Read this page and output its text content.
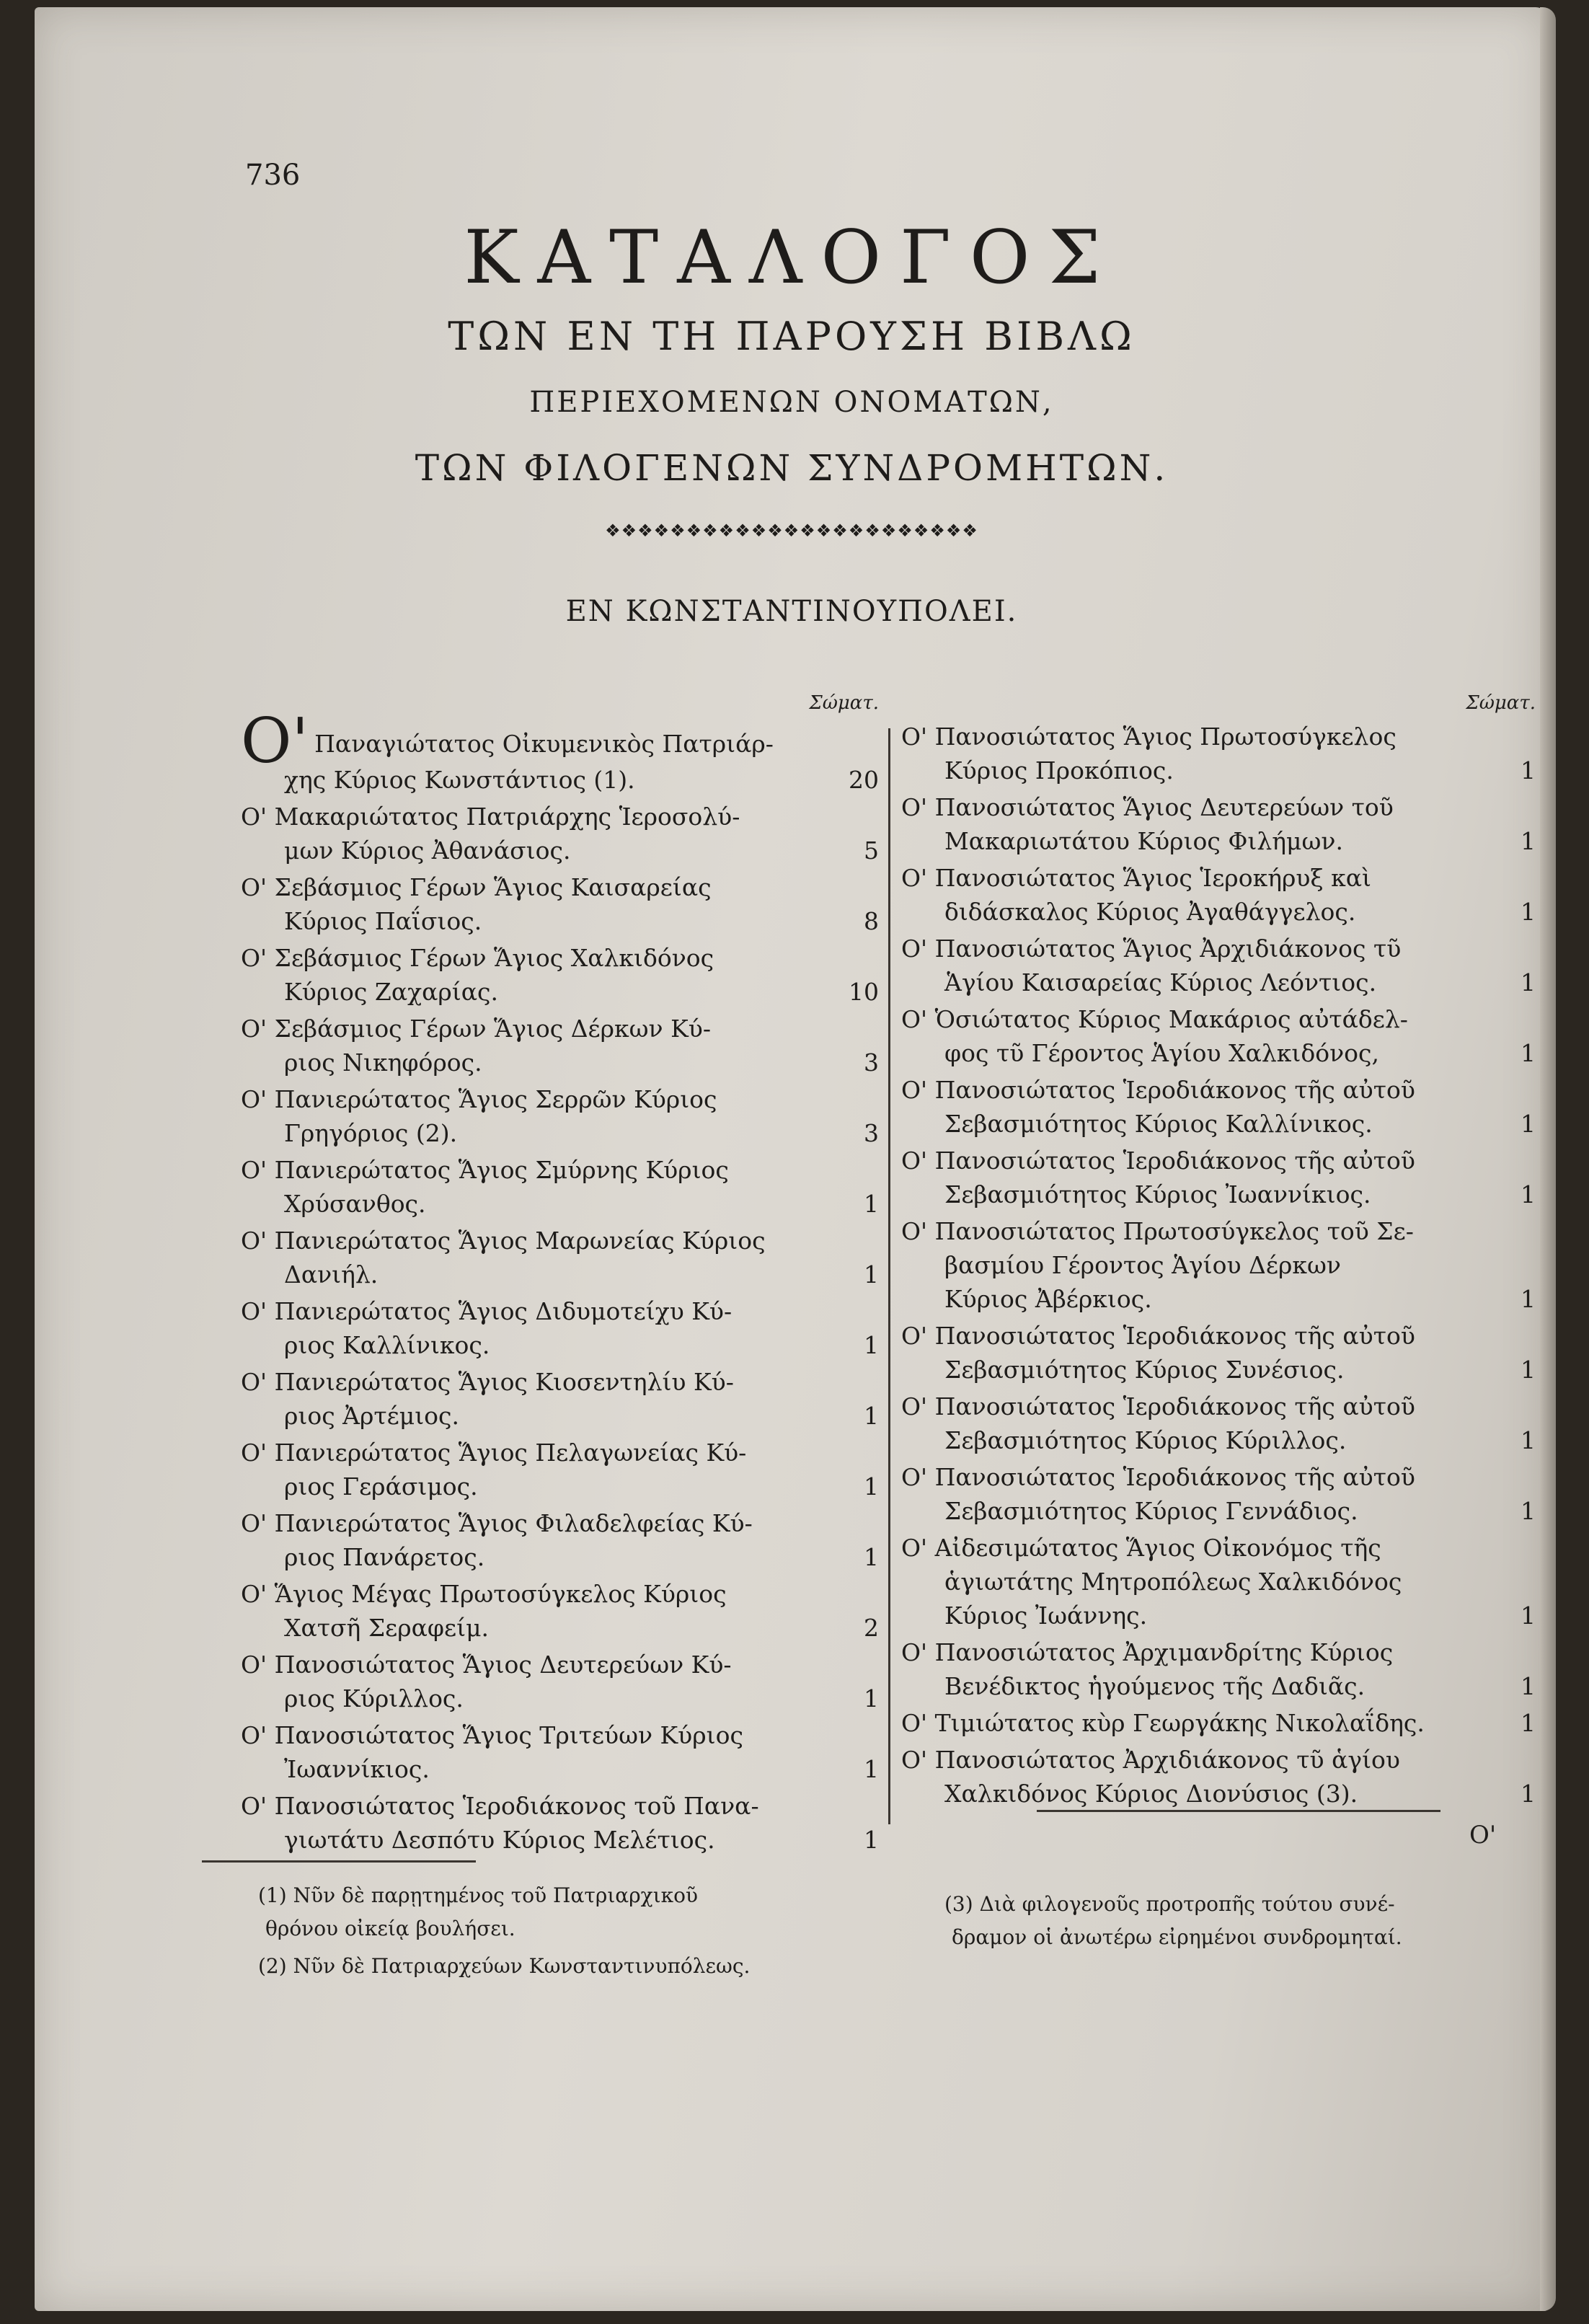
736
ΚΑΤΑΛΟΓΟΣ
ΤΩΝ ΕΝ ΤΗ ΠΑΡΟΥΣΗ ΒΙΒΛΩ
ΠΕΡΙΕΧΟΜΕΝΩΝ ΟΝΟΜΑΤΩΝ,
ΤΩΝ ΦΙΛΟΓΕΝΩΝ ΣΥΝΔΡΟΜΗΤΩΝ.
❖❖❖❖❖❖❖❖❖❖❖❖❖❖❖❖❖❖❖❖❖❖❖
ΕΝ ΚΩΝΣΤΑΝΤΙΝΟΥΠΟΛΕΙ.
Σώματ.
Ο' Παναγιώτατος Οἰκυμενικὸς Πατριάρ-
χης Κύριος Κωνστάντιος (1).	20
Ο' Μακαριώτατος Πατριάρχης Ἱεροσολύ-
μων Κύριος Ἀθανάσιος.	5
Ο' Σεβάσμιος Γέρων Ἅγιος Καισαρείας
Κύριος Παΐσιος.	8
Ο' Σεβάσμιος Γέρων Ἅγιος Χαλκιδόνος
Κύριος Ζαχαρίας.	10
Ο' Σεβάσμιος Γέρων Ἅγιος Δέρκων Κύ-
ριος Νικηφόρος.	3
Ο' Πανιερώτατος Ἅγιος Σερρῶν Κύριος
Γρηγόριος (2).	3
Ο' Πανιερώτατος Ἅγιος Σμύρνης Κύριος
Χρύσανθος.	1
Ο' Πανιερώτατος Ἅγιος Μαρωνείας Κύριος
Δανιήλ.	1
Ο' Πανιερώτατος Ἅγιος Διδυμοτείχυ Κύ-
ριος Καλλίνικος.	1
Ο' Πανιερώτατος Ἅγιος Κιοσεντηλίυ Κύ-
ριος Ἀρτέμιος.	1
Ο' Πανιερώτατος Ἅγιος Πελαγωνείας Κύ-
ριος Γεράσιμος.	1
Ο' Πανιερώτατος Ἅγιος Φιλαδελφείας Κύ-
ριος Πανάρετος.	1
Ο' Ἅγιος Μέγας Πρωτοσύγκελος Κύριος
Χατσῆ Σεραφείμ.	2
Ο' Πανοσιώτατος Ἅγιος Δευτερεύων Κύ-
ριος Κύριλλος.	1
Ο' Πανοσιώτατος Ἅγιος Τριτεύων Κύριος
Ἰωαννίκιος.	1
Ο' Πανοσιώτατος Ἱεροδιάκονος τοῦ Πανα-
γιωτάτυ Δεσπότυ Κύριος Μελέτιος.	1
Σώματ.
Ο' Πανοσιώτατος Ἅγιος Πρωτοσύγκελος
Κύριος Προκόπιος.	1
Ο' Πανοσιώτατος Ἅγιος Δευτερεύων τοῦ
Μακαριωτάτου Κύριος Φιλήμων.	1
Ο' Πανοσιώτατος Ἅγιος Ἱεροκήρυξ καὶ
διδάσκαλος Κύριος Ἀγαθάγγελος.	1
Ο' Πανοσιώτατος Ἅγιος Ἀρχιδιάκονος τῦ
Ἁγίου Καισαρείας Κύριος Λεόντιος.	1
Ο' Ὁσιώτατος Κύριος Μακάριος αὐτάδελ-
φος τῦ Γέροντος Ἁγίου Χαλκιδόνος,	1
Ο' Πανοσιώτατος Ἱεροδιάκονος τῆς αὐτοῦ
Σεβασμιότητος Κύριος Καλλίνικος.	1
Ο' Πανοσιώτατος Ἱεροδιάκονος τῆς αὐτοῦ
Σεβασμιότητος Κύριος Ἰωαννίκιος.	1
Ο' Πανοσιώτατος Πρωτοσύγκελος τοῦ Σε-
βασμίου Γέροντος Ἁγίου Δέρκων
Κύριος Ἀβέρκιος.	1
Ο' Πανοσιώτατος Ἱεροδιάκονος τῆς αὐτοῦ
Σεβασμιότητος Κύριος Συνέσιος.	1
Ο' Πανοσιώτατος Ἱεροδιάκονος τῆς αὐτοῦ
Σεβασμιότητος Κύριος Κύριλλος.	1
Ο' Πανοσιώτατος Ἱεροδιάκονος τῆς αὐτοῦ
Σεβασμιότητος Κύριος Γεννάδιος.	1
Ο' Αἰδεσιμώτατος Ἅγιος Οἰκονόμος τῆς
ἁγιωτάτης Μητροπόλεως Χαλκιδόνος
Κύριος Ἰωάννης.	1
Ο' Πανοσιώτατος Ἀρχιμανδρίτης Κύριος
Βενέδικτος ἡγούμενος τῆς Δαδιᾶς.	1
Ο' Τιμιώτατος κὺρ Γεωργάκης Νικολαΐδης.	1
Ο' Πανοσιώτατος Ἀρχιδιάκονος τῦ ἁγίου
Χαλκιδόνος Κύριος Διονύσιος (3).	1
Ο'
(1) Νῦν δὲ παρῃτημένος τοῦ Πατριαρχικοῦ
θρόνου οἰκείᾳ βουλήσει.
(2) Νῦν δὲ Πατριαρχεύων Κωνσταντινυπόλεως.
(3) Διὰ φιλογενοῦς προτροπῆς τούτου συνέ-
δραμον οἱ ἀνωτέρω εἰρημένοι συνδρομηταί.
